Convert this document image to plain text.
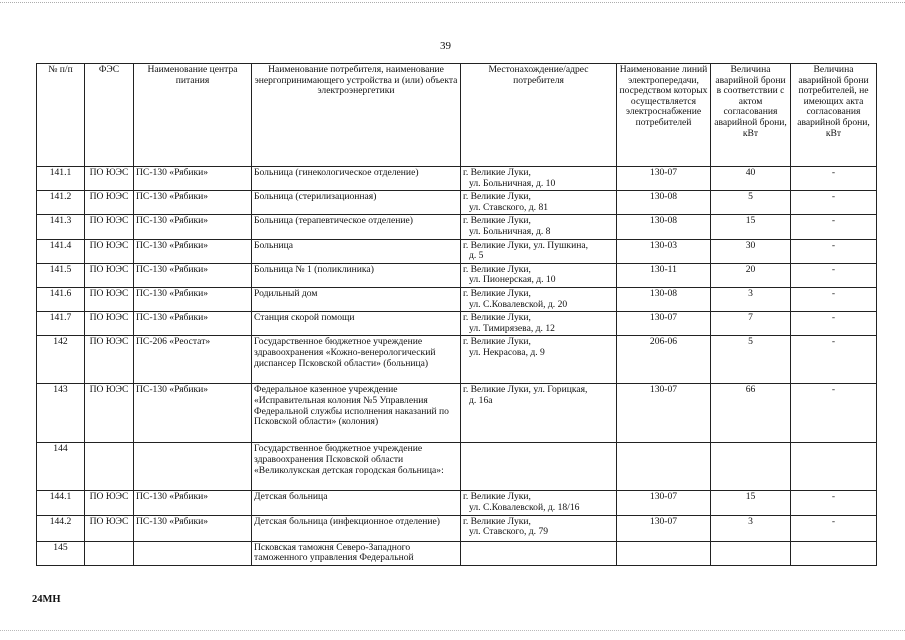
39
№ п/п	ФЭС	Наименование центра питания	Наименование потребителя, наименование энергопринимающего устройства и (или) объекта электроэнергетики	Местонахождение/адрес потребителя	Наименование линий электропередачи, посредством которых осуществляется электроснабжение потребителей	Величина аварийной брони в соответствии с актом согласования аварийной брони, кВт	Величина аварийной брони потребителей, не имеющих акта согласования аварийной брони, кВт
141.1	ПО ЮЭС	ПС-130 «Рябики»	Больница (гинекологическое отделение)	г. Великие Луки,
ул. Больничная, д. 10	130-07	40	-
141.2	ПО ЮЭС	ПС-130 «Рябики»	Больница (стерилизационная)	г. Великие Луки,
ул. Ставского, д. 81	130-08	5	-
141.3	ПО ЮЭС	ПС-130 «Рябики»	Больница (терапевтическое отделение)	г. Великие Луки,
ул. Больничная, д. 8	130-08	15	-
141.4	ПО ЮЭС	ПС-130 «Рябики»	Больница	г. Великие Луки, ул. Пушкина,
д. 5	130-03	30	-
141.5	ПО ЮЭС	ПС-130 «Рябики»	Больница № 1 (поликлиника)	г. Великие Луки,
ул. Пионерская, д. 10	130-11	20	-
141.6	ПО ЮЭС	ПС-130 «Рябики»	Родильный дом	г. Великие Луки,
ул. С.Ковалевской, д. 20	130-08	3	-
141.7	ПО ЮЭС	ПС-130 «Рябики»	Станция скорой помощи	г. Великие Луки,
ул. Тимирязева, д. 12	130-07	7	-
142	ПО ЮЭС	ПС-206 «Реостат»	Государственное бюджетное учреждение здравоохранения «Кожно-венерологический диспансер Псковской области» (больница)	г. Великие Луки,
ул. Некрасова, д. 9	206-06	5	-
143	ПО ЮЭС	ПС-130 «Рябики»	Федеральное казенное учреждение «Исправительная колония №5 Управления Федеральной службы исполнения наказаний по Псковской области» (колония)	г. Великие Луки, ул. Горицкая,
д. 16а	130-07	66	-
144			Государственное бюджетное учреждение здравоохранения Псковской области «Великолукская детская городская больница»:	

144.1	ПО ЮЭС	ПС-130 «Рябики»	Детская больница	г. Великие Луки,
ул. С.Ковалевской, д. 18/16	130-07	15	-
144.2	ПО ЮЭС	ПС-130 «Рябики»	Детская больница (инфекционное отделение)	г. Великие Луки,
ул. Ставского, д. 79	130-07	3	-
145			Псковская таможня Северо-Западного таможенного управления Федеральной	

24МН
